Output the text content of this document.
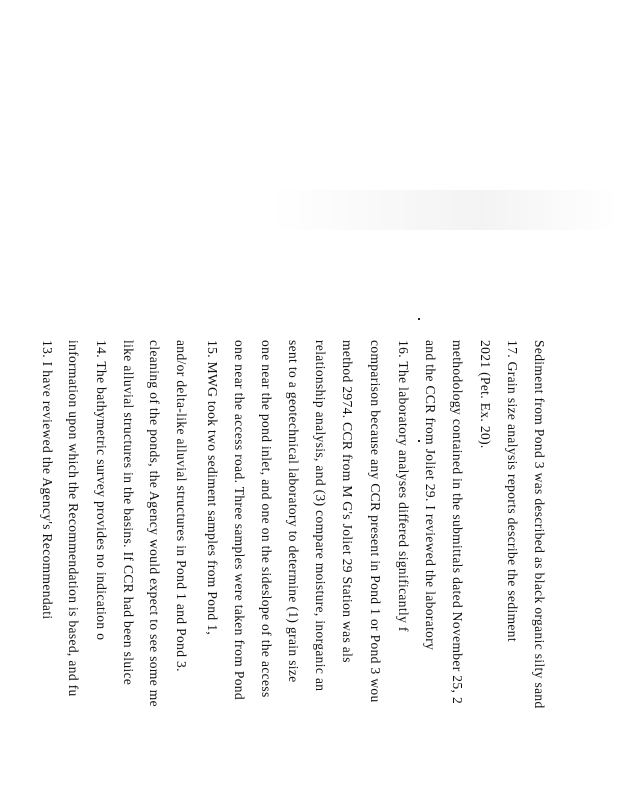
Sediment from Pond 3 was described as black organic silty sand
17. Grain size analysis reports describe the sediment
2021 (Pet. Ex. 20).
methodology contained in the submittals dated November 25, 2
and the CCR from Joliet 29. I reviewed the laboratory
16. The laboratory analyses differed significantly f
comparison because any CCR present in Pond 1 or Pond 3 wou
method 2974. CCR from M G's Joliet 29 Station was als
relationship analysis, and (3) compare moisture, inorganic an
sent to a geotechnical laboratory to determine (1) grain size
one near the pond inlet, and one on the sideslope of the access
one near the access road. Three samples were taken from Pond
15. MWG took two sediment samples from Pond 1,
and/or delta-like alluvial structures in Pond 1 and Pond 3.
cleaning of the ponds, the Agency would expect to see some me
like alluvial structures in the basins. If CCR had been sluice
14. The bathymetric survey provides no indication o
information upon which the Recommendation is based, and fu
13. I have reviewed the Agency's Recommendati
